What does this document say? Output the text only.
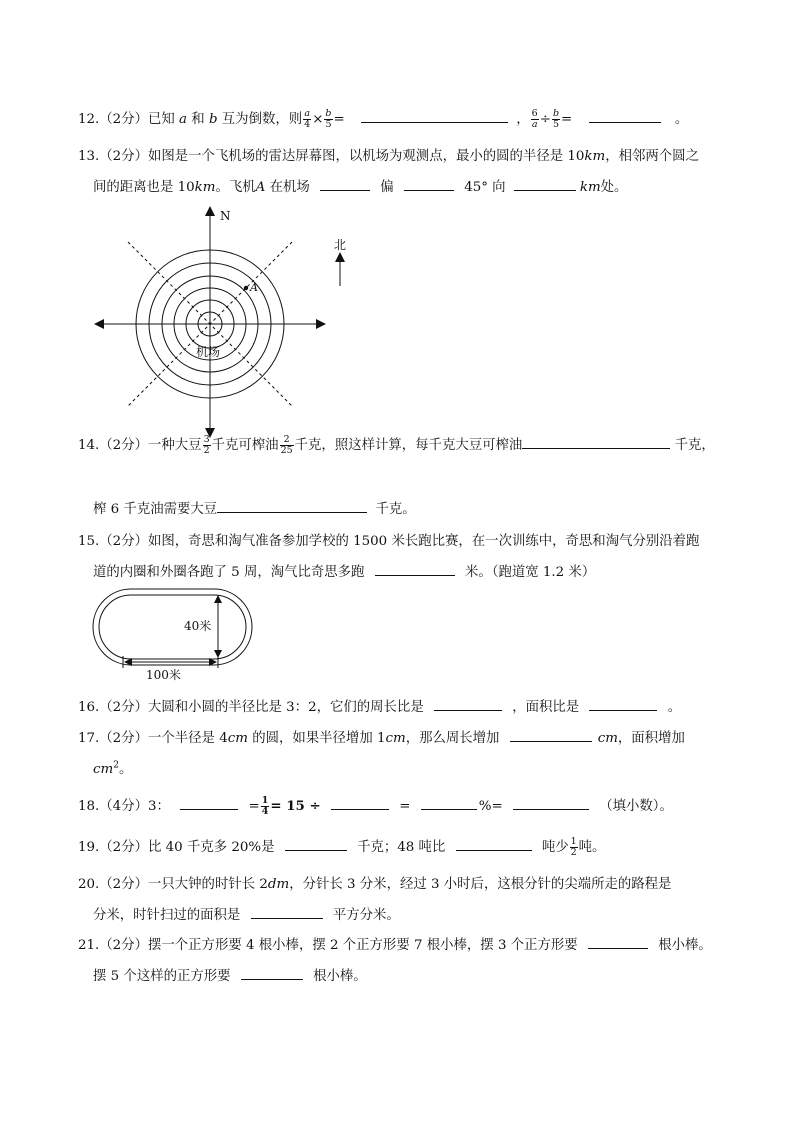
12.（2分）已知 a 和 b 互为倒数，则 $\frac{a}{4} \times \frac{b}{5}$ =	， $\frac{6}{a} \div \frac{b}{5}$ =	。
13.（2分）如图是一个飞机场的雷达屏幕图，以机场为观测点，最小的圆的半径是 10km，相邻两个圆之
间的距离也是 10km。飞机A 在机场	偏	45° 向	km处。
N
A
机场
北
14.（2分）一种大豆 $\frac{3}{2}$ 千克可榨油 $\frac{2}{25}$ 千克，照这样计算，每千克大豆可榨油	千克，
榨 6 千克油需要大豆	千克。
15.（2分）如图，奇思和淘气准备参加学校的 1500 米长跑比赛，在一次训练中，奇思和淘气分别沿着跑
道的内圈和外圈各跑了 5 周，淘气比奇思多跑	米。（跑道宽 1.2 米）
40米
100米
16.（2分）大圆和小圆的半径比是 3：2，它们的周长比是	，面积比是	。
17.（2分）一个半径是 4cm 的圆，如果半径增加 1cm，那么周长增加	cm，面积增加
$cm^2$。
18.（4分）3：	= $\frac{1}{4} = 15$ ÷	=	%=	（填小数）。
19.（2分）比 40 千克多 20%是	千克；48 吨比	吨少 $\frac{1}{2}$ 吨。
20.（2分）一只大钟的时针长 2dm，分针长 3 分米，经过 3 小时后，这根分针的尖端所走的路程是
分米，时针扫过的面积是	平方分米。
21.（2分）摆一个正方形要 4 根小棒，摆 2 个正方形要 7 根小棒，摆 3 个正方形要	根小棒。
摆 5 个这样的正方形要	根小棒。
